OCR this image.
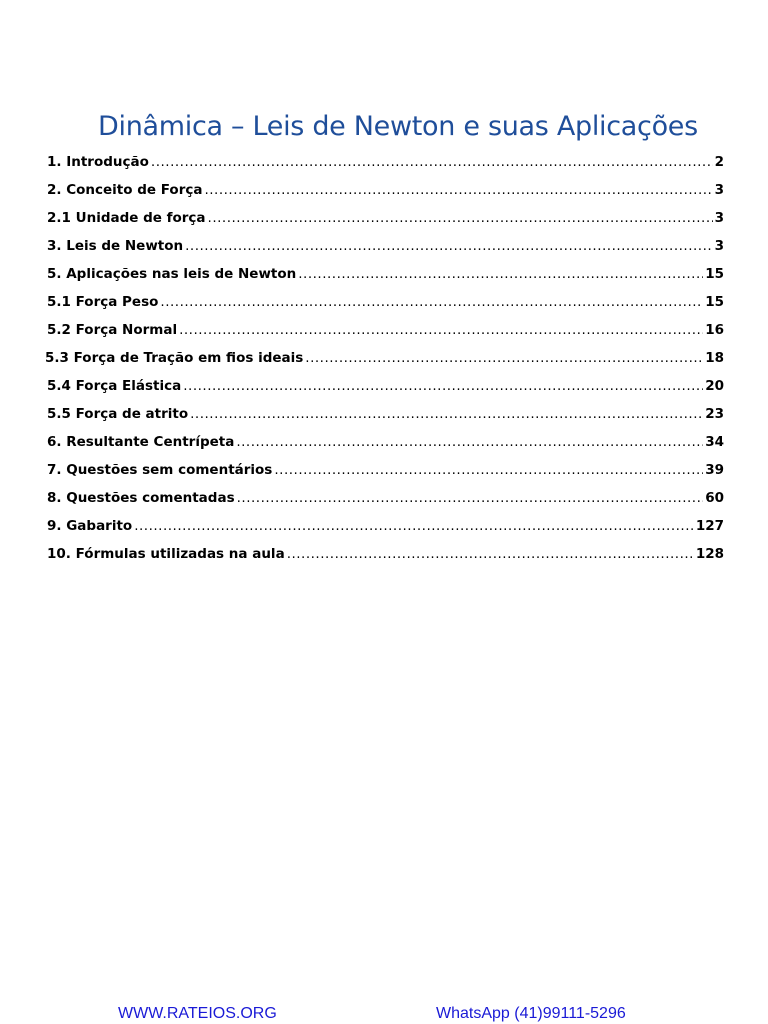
Dinâmica – Leis de Newton e suas Aplicações
1. Introdução .....	2
2. Conceito de Força .....	3
2.1 Unidade de força .....	3
3. Leis de Newton .....	3
5. Aplicações nas leis de Newton .....	15
5.1 Força Peso .....	15
5.2 Força Normal .....	16
5.3 Força de Tração em fios ideais .....	18
5.4 Força Elástica .....	20
5.5 Força de atrito .....	23
6. Resultante Centrípeta .....	34
7. Questões sem comentários .....	39
8. Questões comentadas .....	60
9. Gabarito .....	127
10. Fórmulas utilizadas na aula .....	128
WWW.RATEIOS.ORG	WhatsApp (41)99111-5296
